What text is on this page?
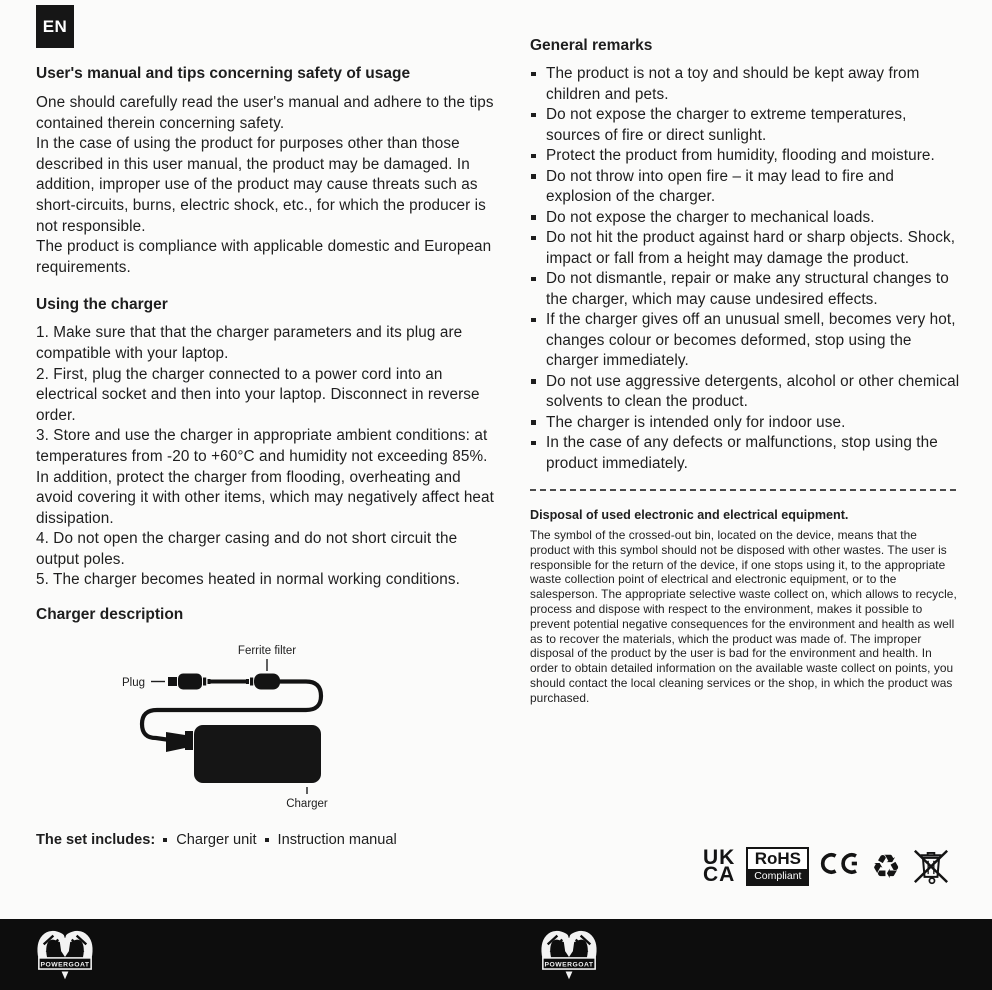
EN
User's manual and tips concerning safety of usage
One should carefully read the user's manual and adhere to the tips contained therein concerning safety.
In the case of using the product for purposes other than those described in this user manual, the product may be damaged. In addition, improper use of the product may cause threats such as short-circuits, burns, electric shock, etc., for which the producer is not responsible.
The product is compliance with applicable domestic and European requirements.
Using the charger
1. Make sure that that the charger parameters and its plug are compatible with your laptop.
2. First, plug the charger connected to a power cord into an electrical socket and then into your laptop. Disconnect in reverse order.
3. Store and use the charger in appropriate ambient conditions: at temperatures from -20 to +60°C and humidity not exceeding 85%. In addition, protect the charger from flooding, overheating and avoid covering it with other items, which may negatively affect heat dissipation.
4. Do not open the charger casing and do not short circuit the output poles.
5. The charger becomes heated in normal working conditions.
Charger description
Ferrite filter
Plug
Charger
The set includes:	Charger unit	Instruction manual
General remarks
The product is not a toy and should be kept away from children and pets.
Do not expose the charger to extreme temperatures, sources of fire or direct sunlight.
Protect the product from humidity, flooding and moisture.
Do not throw into open fire – it may lead to fire and explosion of the charger.
Do not expose the charger to mechanical loads.
Do not hit the product against hard or sharp objects. Shock, impact or fall from a height may damage the product.
Do not dismantle, repair or make any structural changes to the charger, which may cause undesired effects.
If the charger gives off an unusual smell, becomes very hot, changes colour or becomes deformed, stop using the charger immediately.
Do not use aggressive detergents, alcohol or other chemical solvents to clean the product.
The charger is intended only for indoor use.
In the case of any defects or malfunctions, stop using the product immediately.
Disposal of used electronic and electrical equipment.
The symbol of the crossed-out bin, located on the device, means that the product with this symbol should not be disposed with other wastes. The user is responsible for the return of the device, if one stops using it, to the appropriate waste collection point of electrical and electronic equipment, or to the salesperson. The appropriate selective waste collect on, which allows to recycle, process and dispose with respect to the environment, makes it possible to prevent potential negative consequences for the environment and health as well as to recover the materials, which the product was made of. The improper disposal of the product by the user is bad for the environment and health. In order to obtain detailed information on the available waste collect on points, you should contact the local cleaning services or the shop, in which the product was purchased.
UK
CA
RoHS
Compliant ♻
POWERGOAT	POWERGOAT
